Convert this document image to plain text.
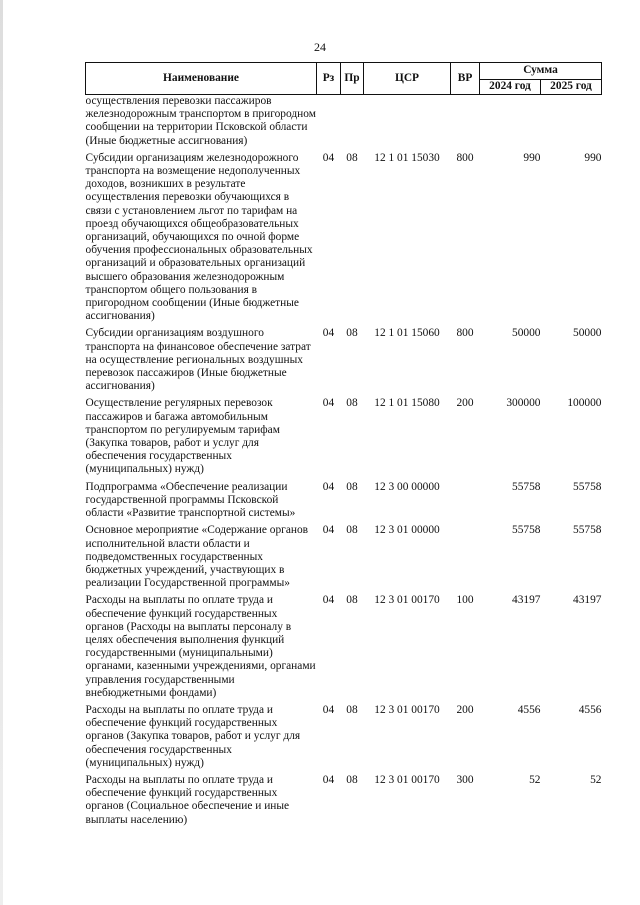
24
Наименование	Рз	Пр	ЦСР	ВР	Сумма	
					2024 год	2025 год
осуществления перевозки пассажиров железнодорожным транспортом в пригородном сообщении на территории Псковской области (Иные бюджетные ассигнования)						
Субсидии организациям железнодорожного транспорта на возмещение недополученных доходов, возникших в результате осуществления перевозки обучающихся в связи с установлением льгот по тарифам на проезд обучающихся общеобразовательных организаций, обучающихся по очной форме обучения профессиональных образовательных организаций и образовательных организаций высшего образования железнодорожным транспортом общего пользования в пригородном сообщении (Иные бюджетные ассигнования)	04	08	12 1 01 15030	800	990	990
Субсидии организациям воздушного транспорта на финансовое обеспечение затрат на осуществление региональных воздушных перевозок пассажиров (Иные бюджетные ассигнования)	04	08	12 1 01 15060	800	50000	50000
Осуществление регулярных перевозок пассажиров и багажа автомобильным транспортом по регулируемым тарифам (Закупка товаров, работ и услуг для обеспечения государственных (муниципальных) нужд)	04	08	12 1 01 15080	200	300000	100000
Подпрограмма «Обеспечение реализации государственной программы Псковской области «Развитие транспортной системы»	04	08	12 3 00 00000		55758	55758
Основное мероприятие «Содержание органов исполнительной власти области и подведомственных государственных бюджетных учреждений, участвующих в реализации Государственной программы»	04	08	12 3 01 00000		55758	55758
Расходы на выплаты по оплате труда и обеспечение функций государственных органов (Расходы на выплаты персоналу в целях обеспечения выполнения функций государственными (муниципальными) органами, казенными учреждениями, органами управления государственными внебюджетными фондами)	04	08	12 3 01 00170	100	43197	43197
Расходы на выплаты по оплате труда и обеспечение функций государственных органов (Закупка товаров, работ и услуг для обеспечения государственных (муниципальных) нужд)	04	08	12 3 01 00170	200	4556	4556
Расходы на выплаты по оплате труда и обеспечение функций государственных органов (Социальное обеспечение и иные выплаты населению)	04	08	12 3 01 00170	300	52	52
